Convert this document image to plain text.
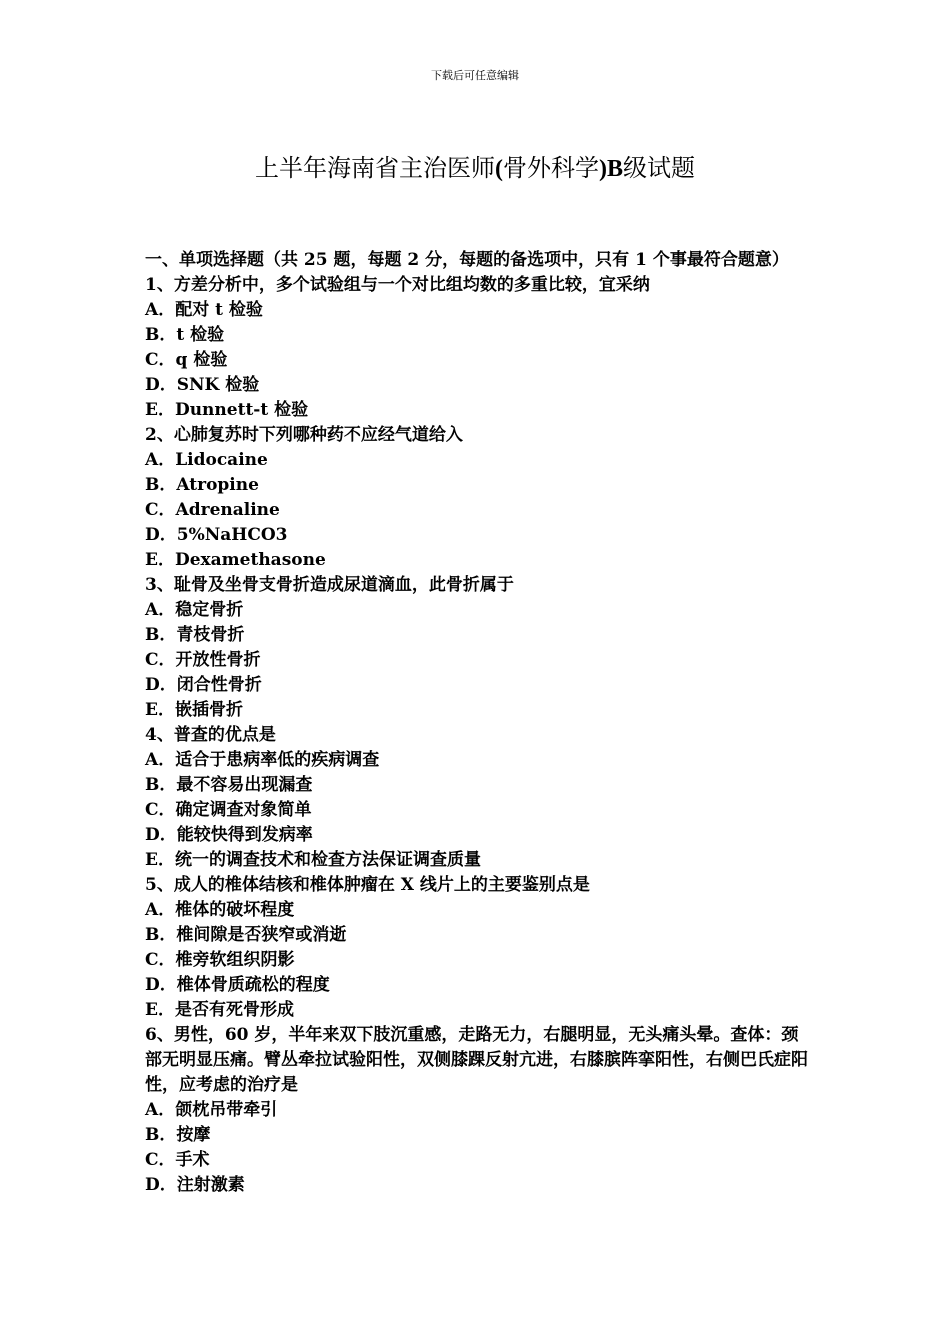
下载后可任意编辑
上半年海南省主治医师(骨外科学)B级试题

一、单项选择题（共 25 题，每题 2 分，每题的备选项中，只有 1 个事最符合题意）

1、方差分析中，多个试验组与一个对比组均数的多重比较，宜采纳

A．配对 t 检验

B．t 检验

C．q 检验

D．SNK 检验

E．Dunnett-t 检验

2、心肺复苏时下列哪种药不应经气道给入

A．Lidocaine

B．Atropine

C．Adrenaline

D．5%NaHCO3

E．Dexamethasone

3、耻骨及坐骨支骨折造成尿道滴血，此骨折属于

A．稳定骨折

B．青枝骨折

C．开放性骨折

D．闭合性骨折

E．嵌插骨折

4、普查的优点是

A．适合于患病率低的疾病调查

B．最不容易出现漏查

C．确定调查对象简单

D．能较快得到发病率

E．统一的调查技术和检查方法保证调查质量

5、成人的椎体结核和椎体肿瘤在 X 线片上的主要鉴别点是

A．椎体的破坏程度

B．椎间隙是否狭窄或消逝

C．椎旁软组织阴影

D．椎体骨质疏松的程度

E．是否有死骨形成

6、男性，60 岁，半年来双下肢沉重感，走路无力，右腿明显，无头痛头晕。查体：颈部无明显压痛。臂丛牵拉试验阳性，双侧膝踝反射亢进，右膝膑阵挛阳性，右侧巴氏症阳性，应考虑的治疗是

A．颌枕吊带牵引

B．按摩

C．手术

D．注射激素
